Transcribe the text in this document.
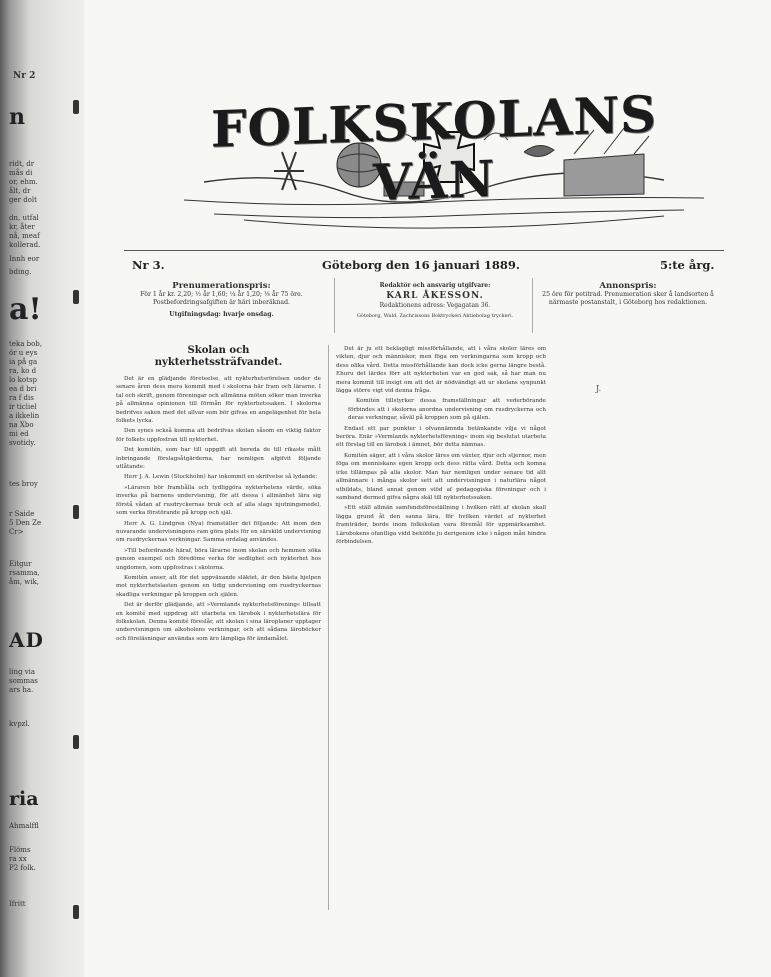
Nr 2
n
ridt, dr
mås di
or, ehm.
ålt, dr
ger dolt

dn, utfal
kr, åter
nå, meaf
kollerad.
Innh eor
bding.
a!
teka bob,
ör u eys
ia på ga
ra, ko d
lo kotsp
ea d bri
ra f dis
ir ticliel
a ikkelin
na Xbo
mi ed
svotidy.
tes broy
r Saide
5 Den Ze
Cr>
Eitgur
rsamma,
åm, wik,
AD
ling via
sommas
ars ha.
kvpzl.
ria
Ahmalffl
Flöms
ra xx
P2 folk.
Ifritt
FOLKSKOLANS VÄN
Nr 3.	Göteborg den 16 januari 1889.	5:te årg.
Prenumerationspris:
För 1 år kr. 2,20; ½ år 1,60; ¼ år 1,20; ⅛ år 75 öre. Postbefordringsafgiften är häri inberäknad.
Utgifningsdag: hvarje onsdag.
Redaktör och ansvarig utgifvare:
KARL ÅKESSON.
Redaktionens adress: Vegagatan 36.
Göteborg, Wald. Zachrissons Boktryckeri Aktiebolag tryckeri.
Annonspris:
25 öre för petitrad. Prenumeration sker å landsorten å närmaste postanstalt, i Göteborg hos redaktionen.
J.
Skolan och nykterhetssträfvandet.

Det är en glädjande företeelse, att nykterhetsrörelsen under de senare åren dess mera kommit med i skolorna här fram och lärarne. I tal och skrift, genom föreningar och allmänna möten söker man inverka på allmänna opinionen till förmån för nykterhetssaken. I skolorna bedrifves saken med det allvar som bör gifvas en angelägenhet för hela folkets lycka.

Den synes också komma att bedrifvas skolan såsom en viktig faktor för folkets uppfostran till nykterhet.

Det komitén, som har till uppgift att bereda de till rikaste mått inbringande förslagsåtgärderna, har nemligen afgifvit följande utlåtande:

Herr J. A. Lewin (Stockholm) har inkommit en skrifvelse så lydande:

»Läraren bör framhålla och tydliggöra nykterhetens värde, söka inverka på barnens undervisning, för att dessa i allmänhet lära sig förstå vådan af rusdryckernas bruk och af alla slags njutningsmedel, som verka förstörande på kropp och själ.

Herr A. G. Lindgren (Nya) framställer det följande: Att inom den nuvarande undervisningens ram göra plats för en särskild undervisning om rusdryckernas verkningar. Samma ordalag användes.

»Till befordrande häraf, böra lärarne inom skolan och hemmen söka genom exempel och föredöme verka för sedlighet och nykterhet hos ungdomen, som uppfostras i skolorna.

Komitén anser, att för det uppväxande släktet, är den bästa hjelpen mot nykterhetslasten genom en tidig undervisning om rusdryckernas skadliga verkningar på kroppen och själen.

Det är derför glädjande, att »Vermlands nykterhetsförening« tillsatt en komité med uppdrag att utarbeta en lärobok i nykterhetslära för folkskolan. Denna komité föreslår, att skolan i sina läroplaner upptager undervisningen om alkoholens verkningar, och att sådana läroböcker och föreläsningar användas som äro lämpliga för ändamålet.

Det är ju ett beklagligt missförhållande, att i våra skolor läres om vikten, djur och människor, men föga om verkningarna som kropp och dess olika vård. Detta missförhållande kan dock icke gerna längre bestå. Ehuru det lärdes förr att nykterheten var en god sak, så har man nu mera kommit till insigt om att det är nödvändigt att ur skolans synpunkt lägga större vigt vid denna fråga.

Komitén tillstyrker dessa framställningar att vederbörande förbindes att i skolorna anordna undervisning om rusdryckerna och deras verkningar, såväl på kroppen som på själen.

Endast ett par punkter i ofvannämnda betänkande vilja vi något beröra. Enär »Vermlands nykterhetsförening« inom sig beslutat utarbeta ett förslag till en lärobok i ämnet, bör detta nämnas.

Komitén säger, att i våra skolor läres om växter, djur och stjernor, men föga om menniskans egen kropp och dess rätta vård. Detta och komna icke tillämpas på alla skolor. Man har nemligen under senare tid allt allmännare i många skolor sett att undervisningen i naturlära något utbildats, bland annat genom stöd af pedagogiska föreningar och i samband dermed gifva några skäl till nykterhetssaken.

»Ett ställ allmän samfundsföreställning i hvilken rätt af skolan skall lägga grund åt den sanna lära, för hvilken värdet af nykterhet framträder, borde inom folkskolan vara föremål för uppmärksamhet. Lärobokens ofantliga vidd behöfde ju derigenom icke i någon mån hindra förbindelsen.
